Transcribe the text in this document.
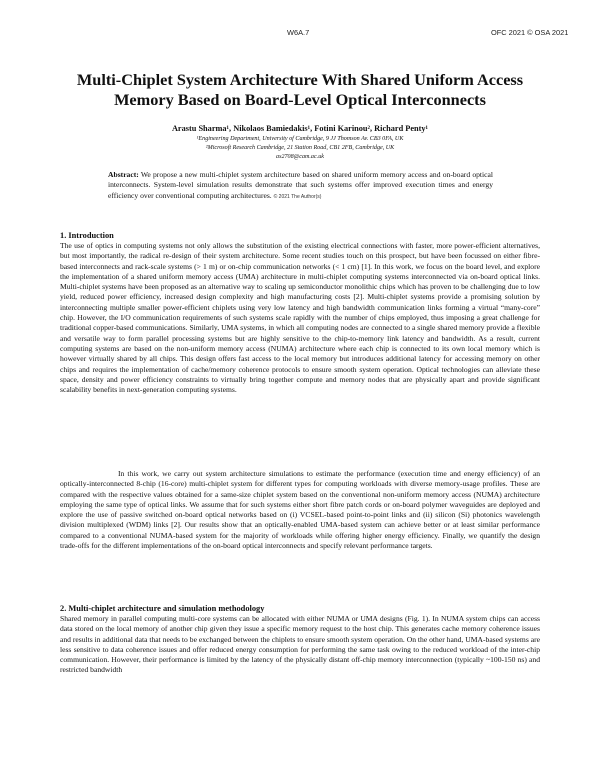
W6A.7	OFC 2021 © OSA 2021
Multi-Chiplet System Architecture With Shared Uniform Access Memory Based on Board-Level Optical Interconnects
Arastu Sharma¹, Nikolaos Bamiedakis¹, Fotini Karinou², Richard Penty¹
¹Engineering Department, University of Cambridge, 9 JJ Thomson Av. CB3 0FA, UK
²Microsoft Research Cambridge, 21 Station Road, CB1 2FB, Cambridge, UK
as2708@cam.ac.uk

Abstract: We propose a new multi-chiplet system architecture based on shared uniform memory access and on-board optical interconnects. System-level simulation results demonstrate that such systems offer improved execution times and energy efficiency over conventional computing architectures. © 2021 The Author(s)

1. Introduction

The use of optics in computing systems not only allows the substitution of the existing electrical connections with faster, more power-efficient alternatives, but most importantly, the radical re-design of their system architecture. Some recent studies touch on this prospect, but have been focussed on either fibre-based interconnects and rack-scale systems (> 1 m) or on-chip communication networks (< 1 cm) [1]. In this work, we focus on the board level, and explore the implementation of a shared uniform memory access (UMA) architecture in multi-chiplet computing systems interconnected via on-board optical links. Multi-chiplet systems have been proposed as an alternative way to scaling up semiconductor monolithic chips which has proven to be challenging due to low yield, reduced power efficiency, increased design complexity and high manufacturing costs [2]. Multi-chiplet systems provide a promising solution by interconnecting multiple smaller power-efficient chiplets using very low latency and high bandwidth communication links forming a virtual “many-core” chip. However, the I/O communication requirements of such systems scale rapidly with the number of chips employed, thus imposing a great challenge for traditional copper-based communications. Similarly, UMA systems, in which all computing nodes are connected to a single shared memory provide a flexible and versatile way to form parallel processing systems but are highly sensitive to the chip-to-memory link latency and bandwidth. As a result, current computing systems are based on the non-uniform memory access (NUMA) architecture where each chip is connected to its own local memory which is however virtually shared by all chips. This design offers fast access to the local memory but introduces additional latency for accessing memory on other chips and requires the implementation of cache/memory coherence protocols to ensure smooth system operation. Optical technologies can alleviate these space, density and power efficiency constraints to virtually bring together compute and memory nodes that are physically apart and provide significant scalability benefits in next-generation computing systems.

In this work, we carry out system architecture simulations to estimate the performance (execution time and energy efficiency) of an optically-interconnected 8-chip (16-core) multi-chiplet system for different types for computing workloads with diverse memory-usage profiles. These are compared with the respective values obtained for a same-size chiplet system based on the conventional non-uniform memory access (NUMA) architecture employing the same type of optical links. We assume that for such systems either short fibre patch cords or on-board polymer waveguides are deployed and explore the use of passive switched on-board optical networks based on (i) VCSEL-based point-to-point links and (ii) silicon (Si) photonics wavelength division multiplexed (WDM) links [2]. Our results show that an optically-enabled UMA-based system can achieve better or at least similar performance compared to a conventional NUMA-based system for the majority of workloads while offering higher energy efficiency. Finally, we quantify the design trade-offs for the different implementations of the on-board optical interconnects and specify relevant performance targets.

2. Multi-chiplet architecture and simulation methodology

Shared memory in parallel computing multi-core systems can be allocated with either NUMA or UMA designs (Fig. 1). In NUMA system chips can access data stored on the local memory of another chip given they issue a specific memory request to the host chip. This generates cache memory coherence issues and results in additional data that needs to be exchanged between the chiplets to ensure smooth system operation. On the other hand, UMA-based systems are less sensitive to data coherence issues and offer reduced energy consumption for performing the same task owing to the reduced workload of the inter-chip communication. However, their performance is limited by the latency of the physically distant off-chip memory interconnection (typically ~100-150 ns) and restricted bandwidth
